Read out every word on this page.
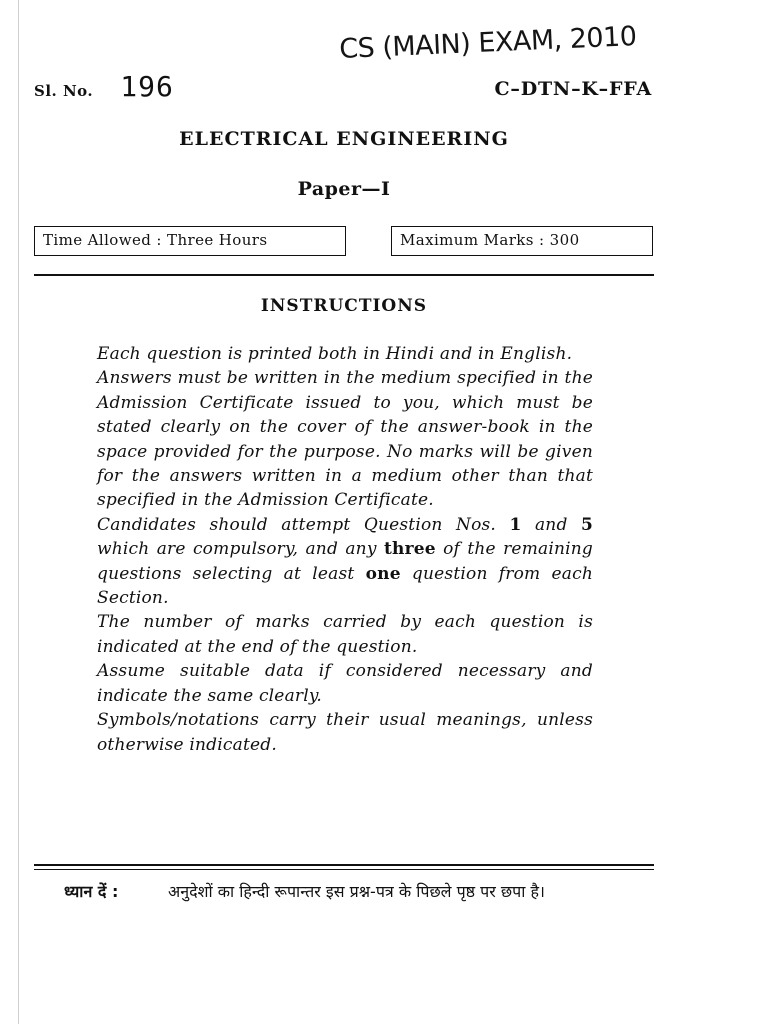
CS (MAIN) EXAM, 2010
Sl. No. 196	C–DTN–K–FFA
ELECTRICAL ENGINEERING
Paper—I
Time Allowed : Three Hours	Maximum Marks : 300
INSTRUCTIONS

Each question is printed both in Hindi and in English.

Answers must be written in the medium specified in the Admission Certificate issued to you, which must be stated clearly on the cover of the answer-book in the space provided for the purpose. No marks will be given for the answers written in a medium other than that specified in the Admission Certificate.

Candidates should attempt Question Nos. 1 and 5 which are compulsory, and any three of the remaining questions selecting at least one question from each Section.

The number of marks carried by each question is indicated at the end of the question.

Assume suitable data if considered necessary and indicate the same clearly.

Symbols/notations carry their usual meanings, unless otherwise indicated.

ध्यान दें :	अनुदेशों का हिन्दी रूपान्तर इस प्रश्न-पत्र के पिछले पृष्ठ पर छपा है।
